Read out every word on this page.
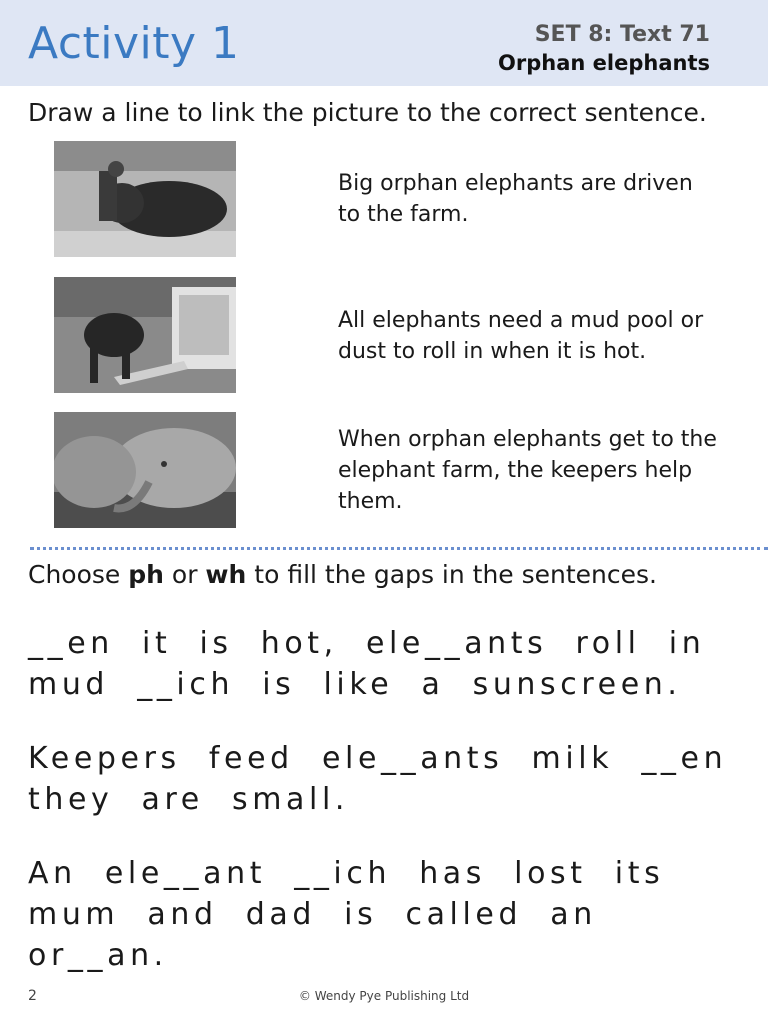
Activity 1	SET 8: Text 71
Orphan elephants
Draw a line to link the picture to the correct sentence.
Big orphan elephants are driven to the farm.
All elephants need a mud pool or dust to roll in when it is hot.
When orphan elephants get to the elephant farm, the keepers help them.
Choose ph or wh to fill the gaps in the sentences.
__en it is hot, ele__ants roll in mud __ich is like a sunscreen.
Keepers feed ele__ants milk __en they are small.
An ele__ant __ich has lost its mum and dad is called an or__an.
2	© Wendy Pye Publishing Ltd
